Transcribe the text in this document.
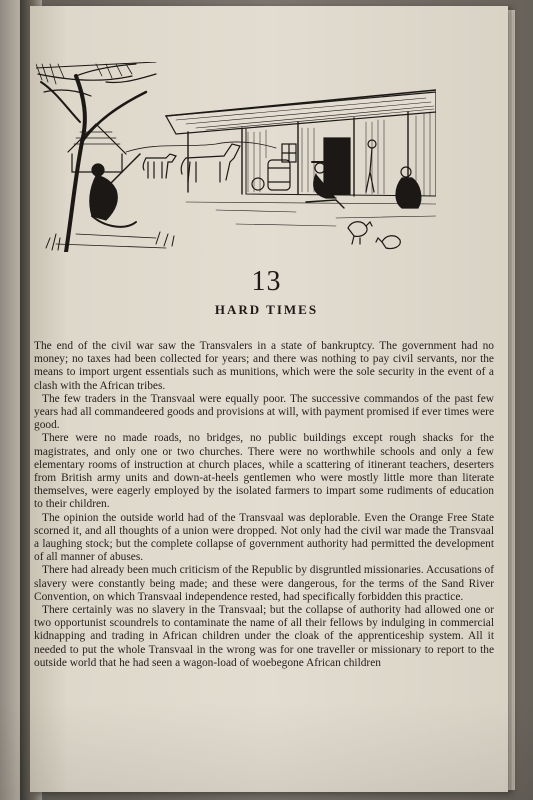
13
HARD TIMES

The end of the civil war saw the Transvalers in a state of bankruptcy. The government had no money; no taxes had been collected for years; and there was nothing to pay civil servants, nor the means to import urgent essentials such as munitions, which were the sole security in the event of a clash with the African tribes.

The few traders in the Transvaal were equally poor. The successive commandos of the past few years had all commandeered goods and provisions at will, with payment promised if ever times were good.

There were no made roads, no bridges, no public buildings except rough shacks for the magistrates, and only one or two churches. There were no worthwhile schools and only a few elementary rooms of instruction at church places, while a scattering of itinerant teachers, deserters from British army units and down-at-heels gentlemen who were mostly little more than literate themselves, were eagerly employed by the isolated farmers to impart some rudiments of education to their children.

The opinion the outside world had of the Transvaal was deplorable. Even the Orange Free State scorned it, and all thoughts of a union were dropped. Not only had the civil war made the Transvaal a laughing stock; but the complete collapse of government authority had permitted the development of all manner of abuses.

There had already been much criticism of the Republic by disgruntled missionaries. Accusations of slavery were constantly being made; and these were dangerous, for the terms of the Sand River Convention, on which Transvaal independence rested, had specifically forbidden this practice.

There certainly was no slavery in the Transvaal; but the collapse of authority had allowed one or two opportunist scoundrels to contaminate the name of all their fellows by indulging in commercial kidnapping and trading in African children under the cloak of the apprenticeship system. All it needed to put the whole Transvaal in the wrong was for one traveller or missionary to report to the outside world that he had seen a wagon-load of woebegone African children
